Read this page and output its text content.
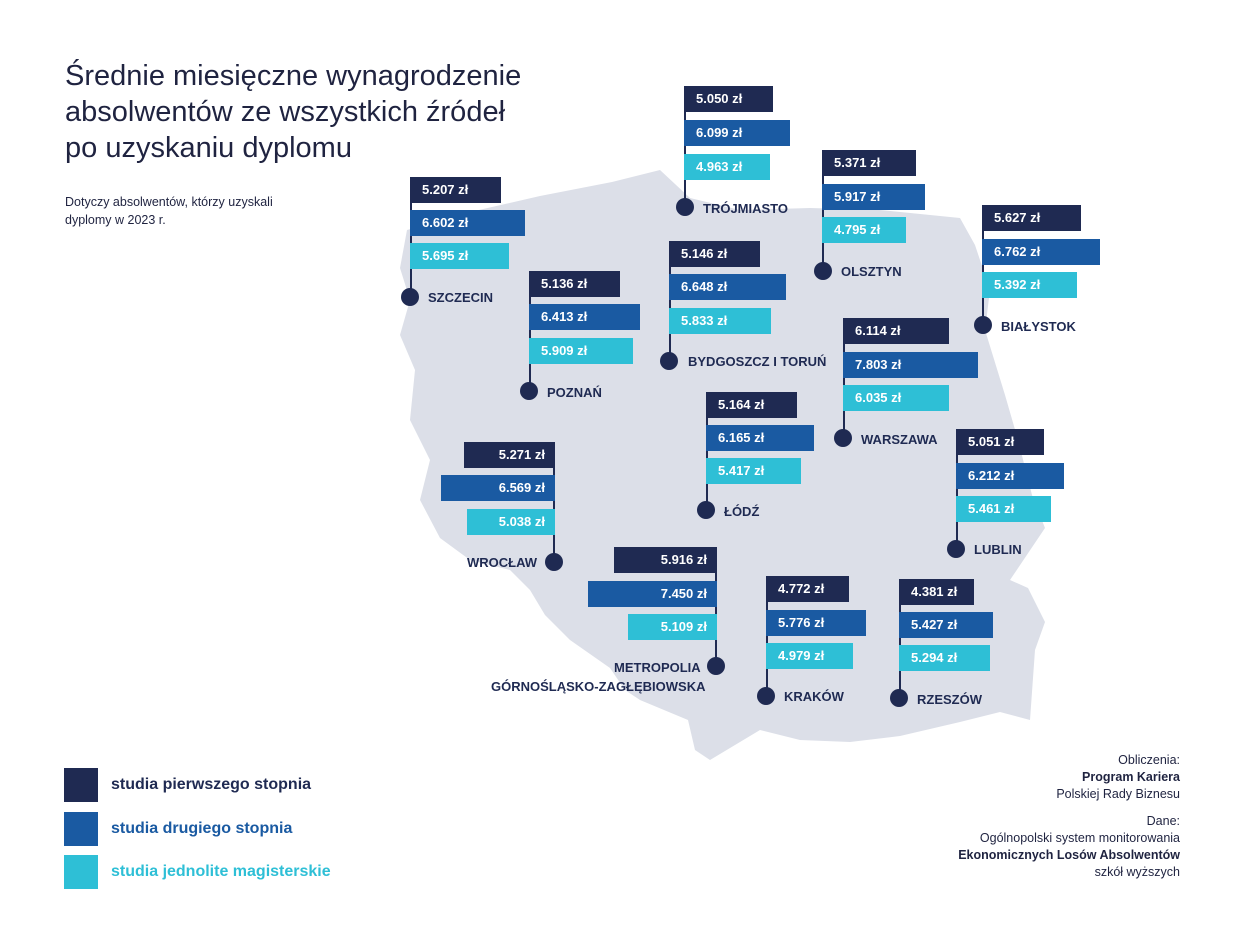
Średnie miesięczne wynagrodzenie
absolwentów ze wszystkich źródeł
po uzyskaniu dyplomu
Dotyczy absolwentów, którzy uzyskali
dyplomy w 2023 r.
5.050 zł
6.099 zł
4.963 zł
TRÓJMIASTO
5.371 zł
5.917 zł
4.795 zł
OLSZTYN
5.207 zł
6.602 zł
5.695 zł
SZCZECIN
5.627 zł
6.762 zł
5.392 zł
BIAŁYSTOK
5.146 zł
6.648 zł
5.833 zł
BYDGOSZCZ I TORUŃ
5.136 zł
6.413 zł
5.909 zł
POZNAŃ
6.114 zł
7.803 zł
6.035 zł
WARSZAWA
5.164 zł
6.165 zł
5.417 zł
ŁÓDŹ
5.051 zł
6.212 zł
5.461 zł
LUBLIN
5.271 zł
6.569 zł
5.038 zł
WROCŁAW	5.916 zł
7.450 zł
5.109 zł
METROPOLIA
GÓRNOŚLĄSKO-ZAGŁĘBIOWSKA
4.772 zł
5.776 zł
4.979 zł
KRAKÓW
4.381 zł
5.427 zł
5.294 zł
RZESZÓW
studia pierwszego stopnia
studia drugiego stopnia
studia jednolite magisterskie
Obliczenia:
Program Kariera
Polskiej Rady Biznesu
Dane:
Ogólnopolski system monitorowania
Ekonomicznych Losów Absolwentów
szkół wyższych
